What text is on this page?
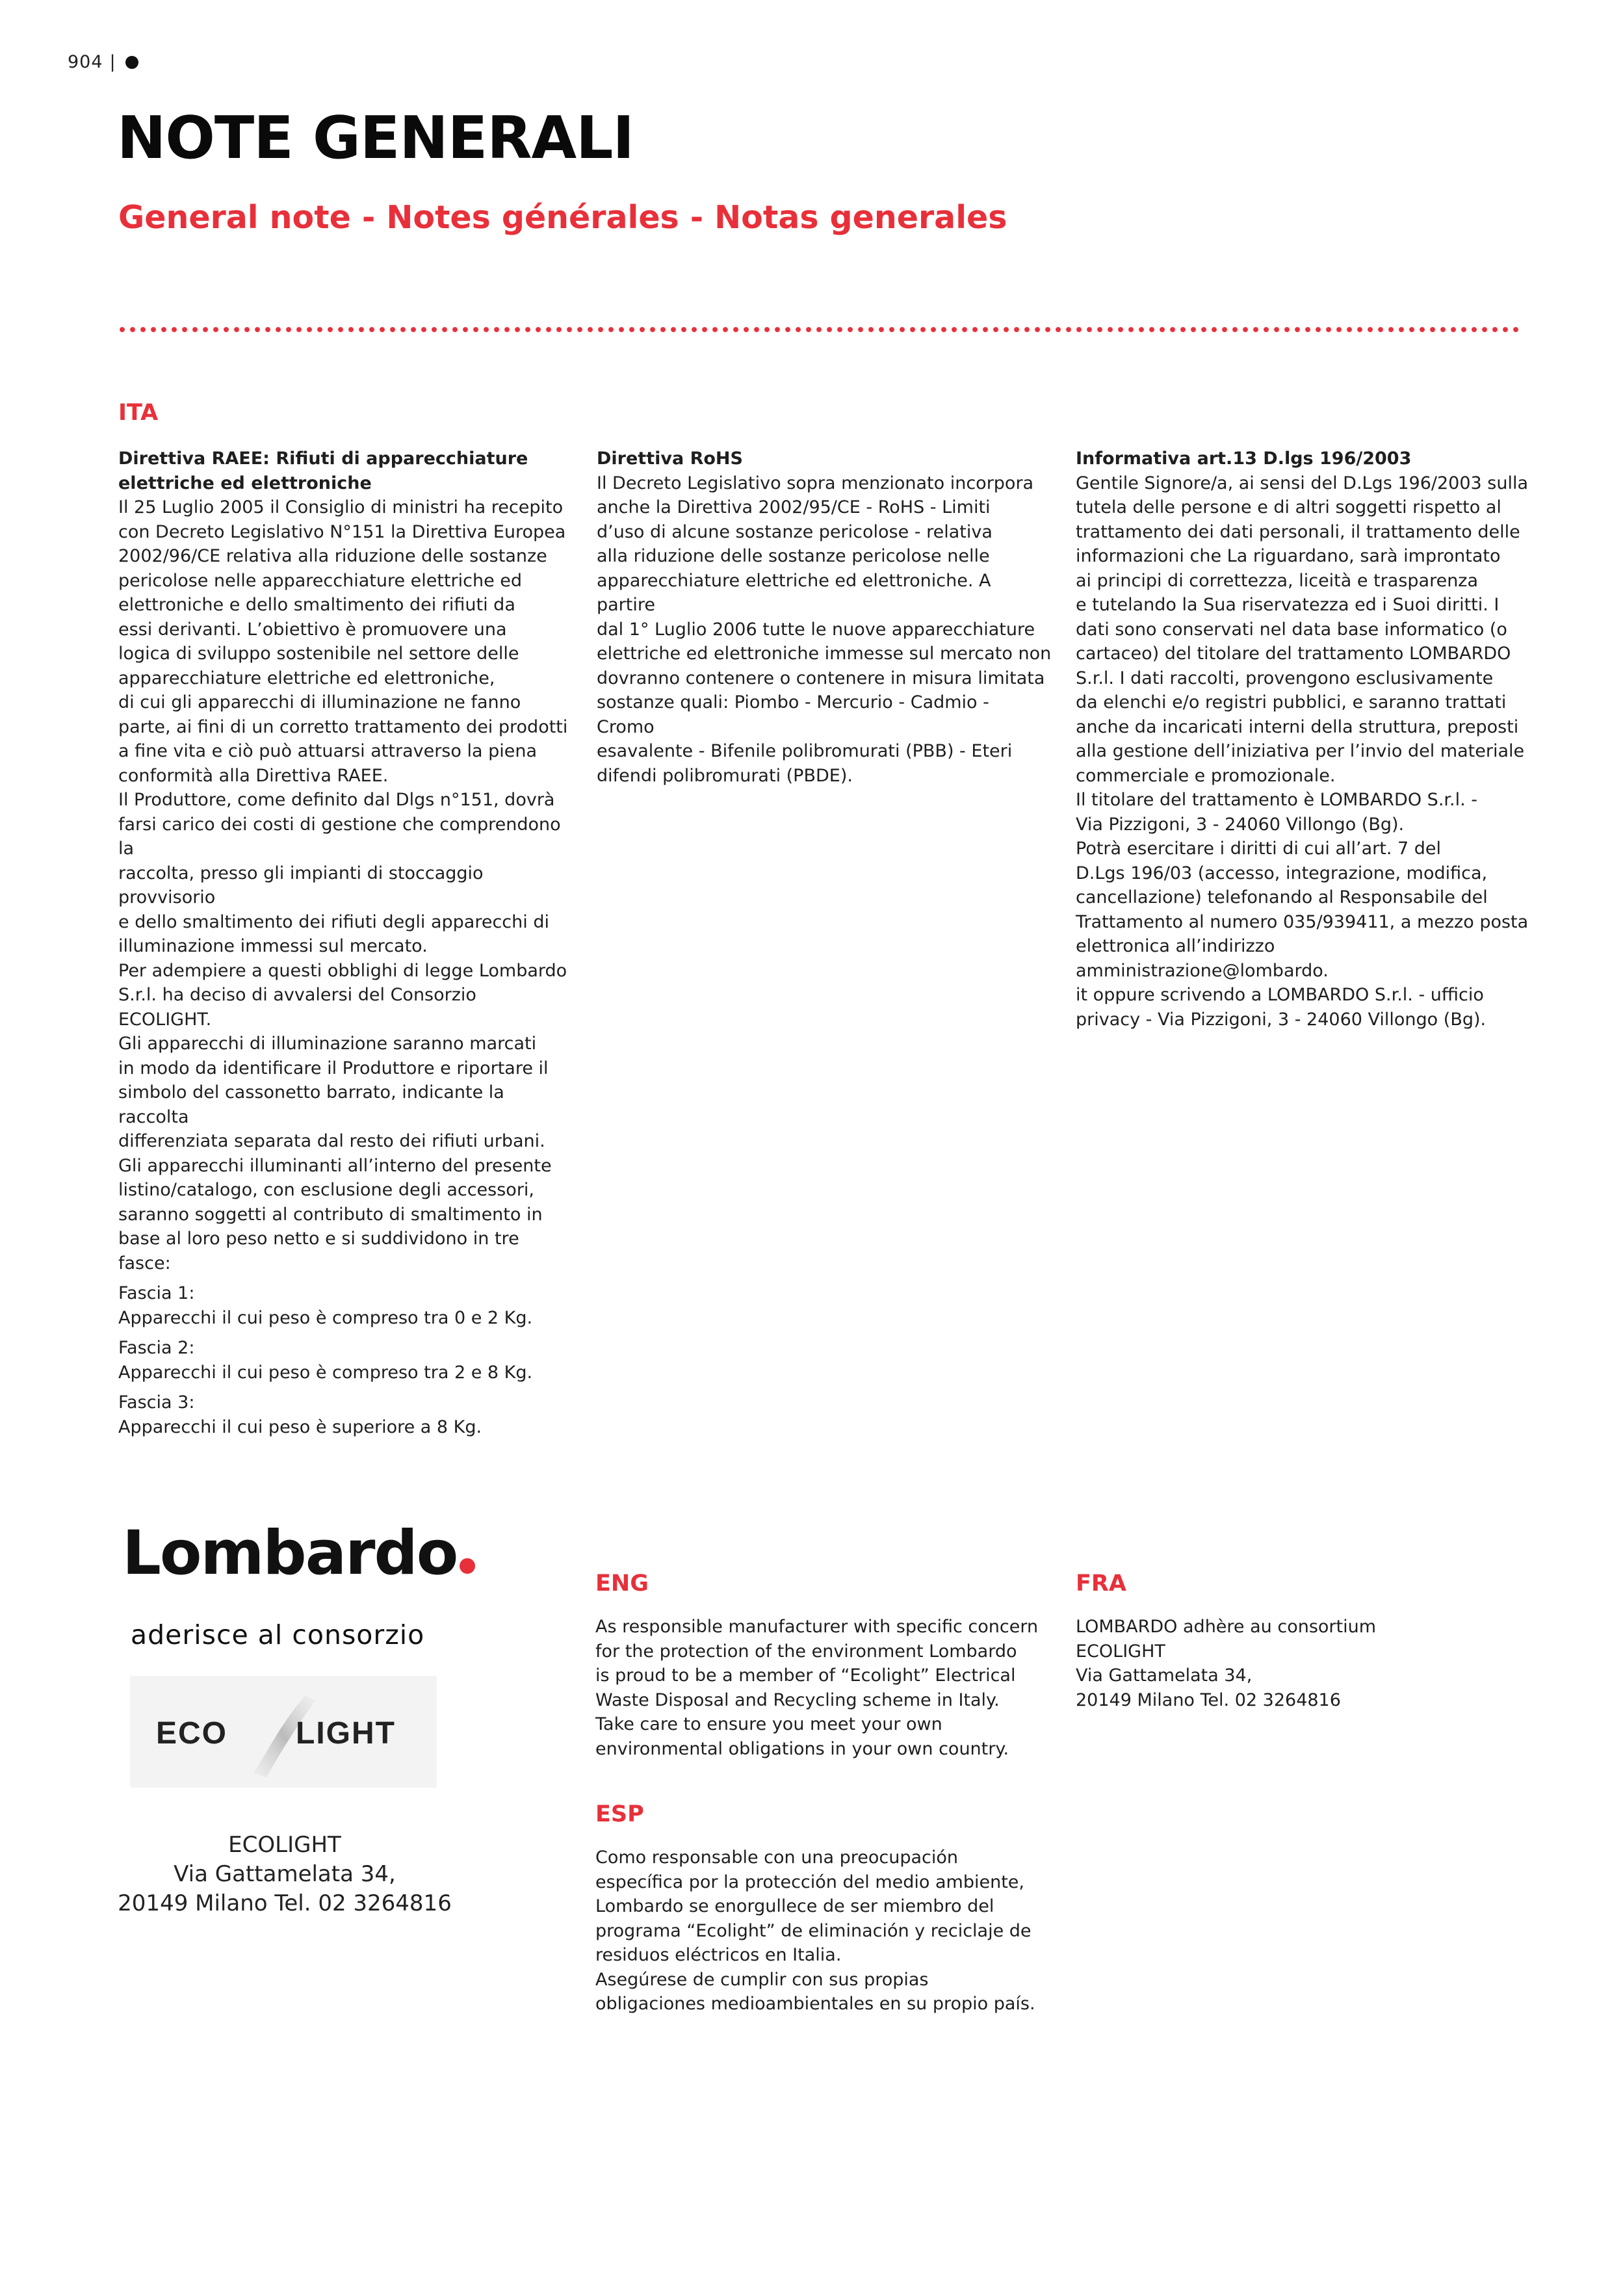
904 |
NOTE GENERALI
General note - Notes générales - Notas generales
ITA

Direttiva RAEE: Rifiuti di apparecchiature

elettriche ed elettroniche

Il 25 Luglio 2005 il Consiglio di ministri ha recepito

con Decreto Legislativo N°151 la Direttiva Europea

2002/96/CE relativa alla riduzione delle sostanze

pericolose nelle apparecchiature elettriche ed

elettroniche e dello smaltimento dei rifiuti da

essi derivanti. L’obiettivo è promuovere una

logica di sviluppo sostenibile nel settore delle

apparecchiature elettriche ed elettroniche,

di cui gli apparecchi di illuminazione ne fanno

parte, ai fini di un corretto trattamento dei prodotti

a fine vita e ciò può attuarsi attraverso la piena

conformità alla Direttiva RAEE.

Il Produttore, come definito dal Dlgs n°151, dovrà

farsi carico dei costi di gestione che comprendono la

raccolta, presso gli impianti di stoccaggio provvisorio

e dello smaltimento dei rifiuti degli apparecchi di

illuminazione immessi sul mercato.

Per adempiere a questi obblighi di legge Lombardo

S.r.l. ha deciso di avvalersi del Consorzio ECOLIGHT.

Gli apparecchi di illuminazione saranno marcati

in modo da identificare il Produttore e riportare il

simbolo del cassonetto barrato, indicante la raccolta

differenziata separata dal resto dei rifiuti urbani.

Gli apparecchi illuminanti all’interno del presente

listino/catalogo, con esclusione degli accessori,

saranno soggetti al contributo di smaltimento in

base al loro peso netto e si suddividono in tre fasce:

Fascia 1:

Apparecchi il cui peso è compreso tra 0 e 2 Kg.

Fascia 2:

Apparecchi il cui peso è compreso tra 2 e 8 Kg.

Fascia 3:

Apparecchi il cui peso è superiore a 8 Kg.

Direttiva RoHS

Il Decreto Legislativo sopra menzionato incorpora

anche la Direttiva 2002/95/CE - RoHS - Limiti

d’uso di alcune sostanze pericolose - relativa

alla riduzione delle sostanze pericolose nelle

apparecchiature elettriche ed elettroniche. A partire

dal 1° Luglio 2006 tutte le nuove apparecchiature

elettriche ed elettroniche immesse sul mercato non

dovranno contenere o contenere in misura limitata

sostanze quali: Piombo - Mercurio - Cadmio - Cromo

esavalente - Bifenile polibromurati (PBB) - Eteri

difendi polibromurati (PBDE).

Informativa art.13 D.lgs 196/2003

Gentile Signore/a, ai sensi del D.Lgs 196/2003 sulla

tutela delle persone e di altri soggetti rispetto al

trattamento dei dati personali, il trattamento delle

informazioni che La riguardano, sarà improntato

ai principi di correttezza, liceità e trasparenza

e tutelando la Sua riservatezza ed i Suoi diritti. I

dati sono conservati nel data base informatico (o

cartaceo) del titolare del trattamento LOMBARDO

S.r.l. I dati raccolti, provengono esclusivamente

da elenchi e/o registri pubblici, e saranno trattati

anche da incaricati interni della struttura, preposti

alla gestione dell’iniziativa per l’invio del materiale

commerciale e promozionale.

Il titolare del trattamento è LOMBARDO S.r.l. -

Via Pizzigoni, 3 - 24060 Villongo (Bg).

Potrà esercitare i diritti di cui all’art. 7 del

D.Lgs 196/03 (accesso, integrazione, modifica,

cancellazione) telefonando al Responsabile del

Trattamento al numero 035/939411, a mezzo posta

elettronica all’indirizzo amministrazione@lombardo.

it oppure scrivendo a LOMBARDO S.r.l. - ufficio

privacy - Via Pizzigoni, 3 - 24060 Villongo (Bg).

Lombardo
aderisce al consorzio
ECO LIGHT
ECOLIGHT
Via Gattamelata 34,
20149 Milano Tel. 02 3264816
ENG

As responsible manufacturer with specific concern

for the protection of the environment Lombardo

is proud to be a member of “Ecolight” Electrical

Waste Disposal and Recycling scheme in Italy.

Take care to ensure you meet your own

environmental obligations in your own country.

ESP

Como responsable con una preocupación

específica por la protección del medio ambiente,

Lombardo se enorgullece de ser miembro del

programa “Ecolight” de eliminación y reciclaje de

residuos eléctricos en Italia.

Asegúrese de cumplir con sus propias

obligaciones medioambientales en su propio país.

FRA

LOMBARDO adhère au consortium

ECOLIGHT

Via Gattamelata 34,

20149 Milano Tel. 02 3264816
